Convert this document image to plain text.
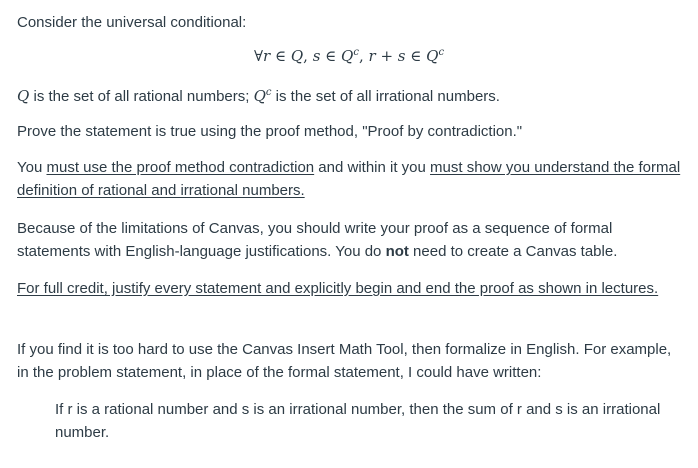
Consider the universal conditional:

∀r ∈ Q, s ∈ $Q^c$, r + s ∈ $Q^c$

Q is the set of all rational numbers; $Q^c$ is the set of all irrational numbers.

Prove the statement is true using the proof method, "Proof by contradiction."

You must use the proof method contradiction and within it you must show you understand the formal definition of rational and irrational numbers.

Because of the limitations of Canvas, you should write your proof as a sequence of formal statements with English-language justifications. You do not need to create a Canvas table.

For full credit, justify every statement and explicitly begin and end the proof as shown in lectures.

If you find it is too hard to use the Canvas Insert Math Tool, then formalize in English. For example, in the problem statement, in place of the formal statement, I could have written:

If r is a rational number and s is an irrational number, then the sum of r and s is an irrational number.
